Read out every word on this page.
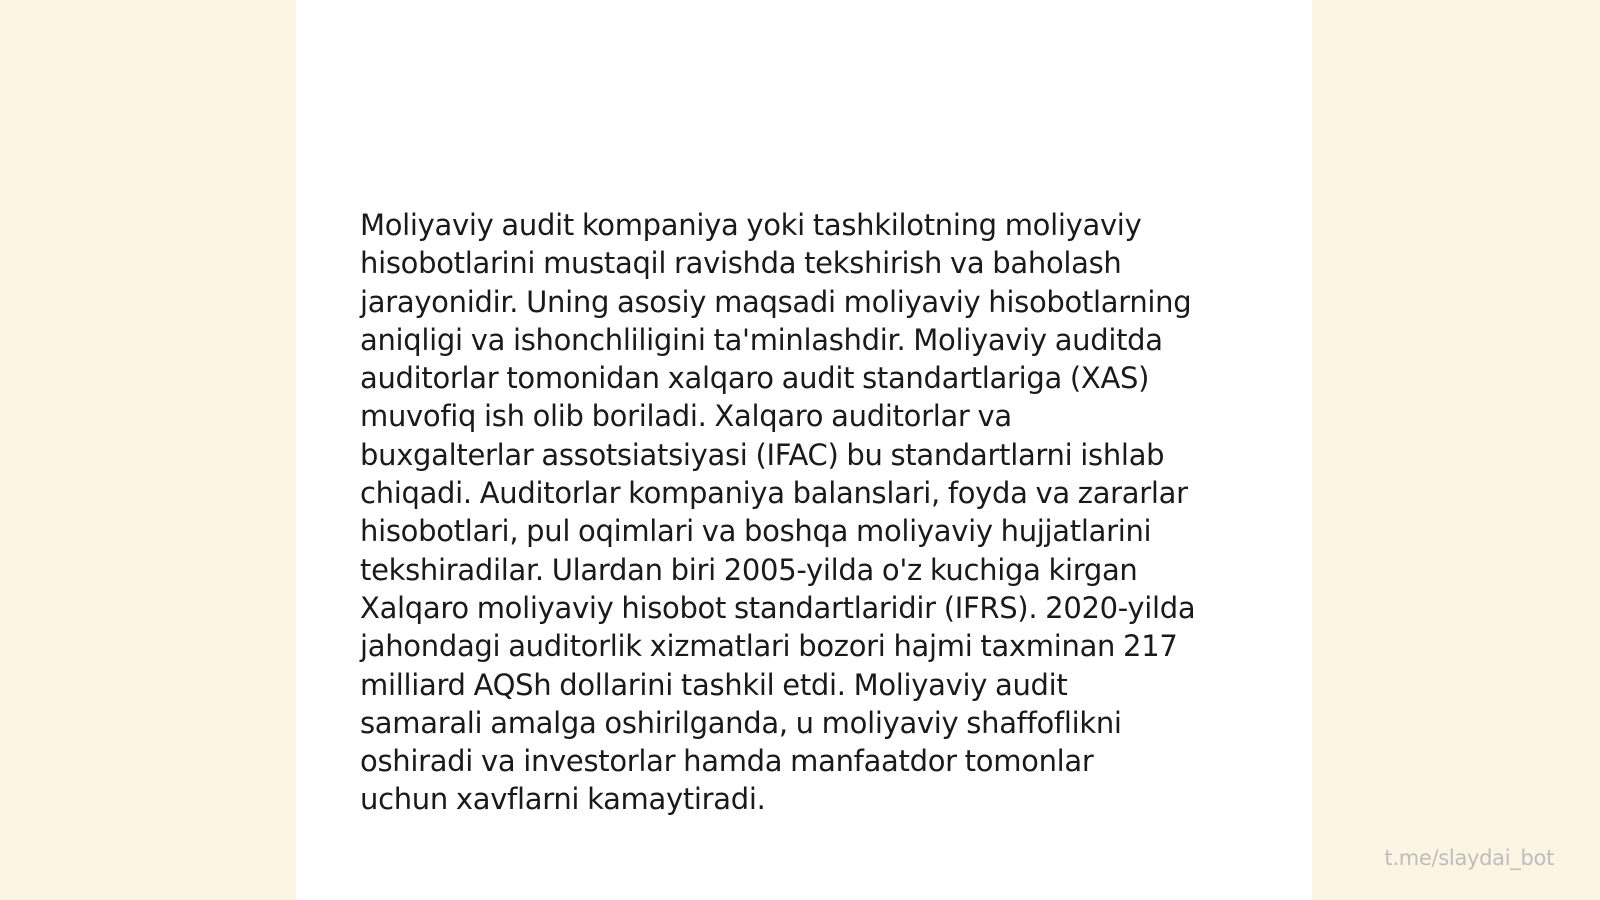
Moliyaviy audit kompaniya yoki tashkilotning moliyaviy
hisobotlarini mustaqil ravishda tekshirish va baholash
jarayonidir. Uning asosiy maqsadi moliyaviy hisobotlarning
aniqligi va ishonchliligini ta'minlashdir. Moliyaviy auditda
auditorlar tomonidan xalqaro audit standartlariga (XAS)
muvofiq ish olib boriladi. Xalqaro auditorlar va
buxgalterlar assotsiatsiyasi (IFAC) bu standartlarni ishlab
chiqadi. Auditorlar kompaniya balanslari, foyda va zararlar
hisobotlari, pul oqimlari va boshqa moliyaviy hujjatlarini
tekshiradilar. Ulardan biri 2005-yilda o'z kuchiga kirgan
Xalqaro moliyaviy hisobot standartlaridir (IFRS). 2020-yilda
jahondagi auditorlik xizmatlari bozori hajmi taxminan 217
milliard AQSh dollarini tashkil etdi. Moliyaviy audit
samarali amalga oshirilganda, u moliyaviy shaffoflikni
oshiradi va investorlar hamda manfaatdor tomonlar
uchun xavflarni kamaytiradi.

t.me/slaydai_bot
